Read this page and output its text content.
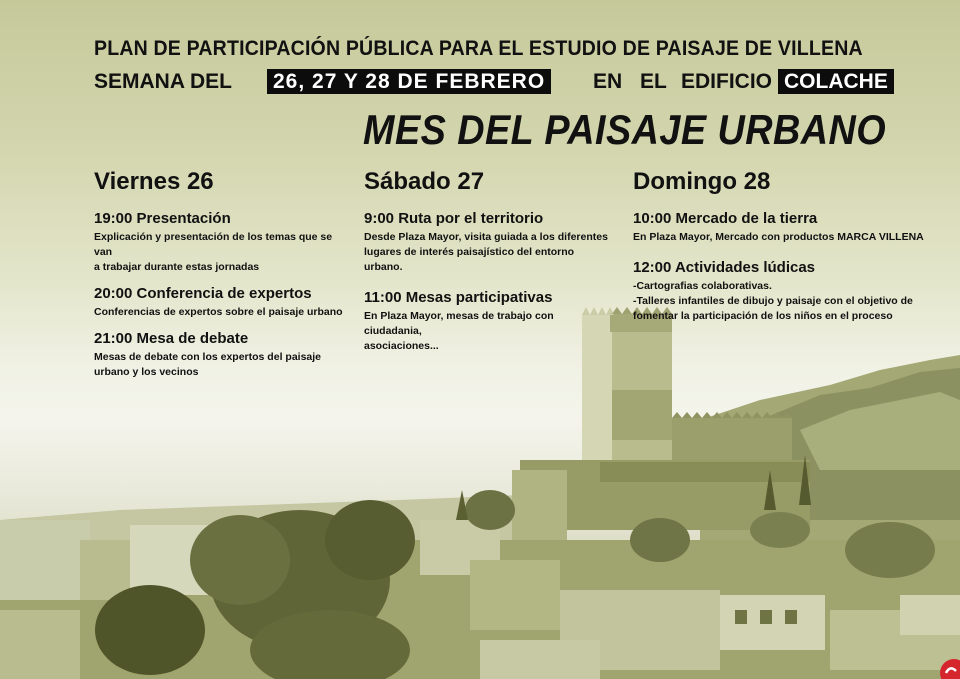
PLAN DE PARTICIPACIÓN PÚBLICA PARA EL ESTUDIO DE PAISAJE DE VILLENA
SEMANA DEL 26, 27 Y 28 DE FEBRERO EN EL EDIFICIO COLACHE
MES DEL PAISAJE URBANO
Viernes 26
19:00 Presentación
Explicación y presentación de los temas que se van
a trabajar durante estas jornadas
20:00 Conferencia de expertos
Conferencias de expertos sobre el paisaje urbano
21:00 Mesa de debate
Mesas de debate con los expertos del paisaje
urbano y los vecinos
Sábado 27
9:00 Ruta por el territorio
Desde Plaza Mayor, visita guiada a los diferentes
lugares de interés paisajístico del entorno urbano.
11:00 Mesas participativas
En Plaza Mayor, mesas de trabajo con ciudadania,
asociaciones...
Domingo 28
10:00 Mercado de la tierra
En Plaza Mayor, Mercado con productos MARCA VILLENA
12:00 Actividades lúdicas
-Cartografias colaborativas.
-Talleres infantiles de dibujo y paisaje con el objetivo de
fomentar la participación de los niños en el proceso
